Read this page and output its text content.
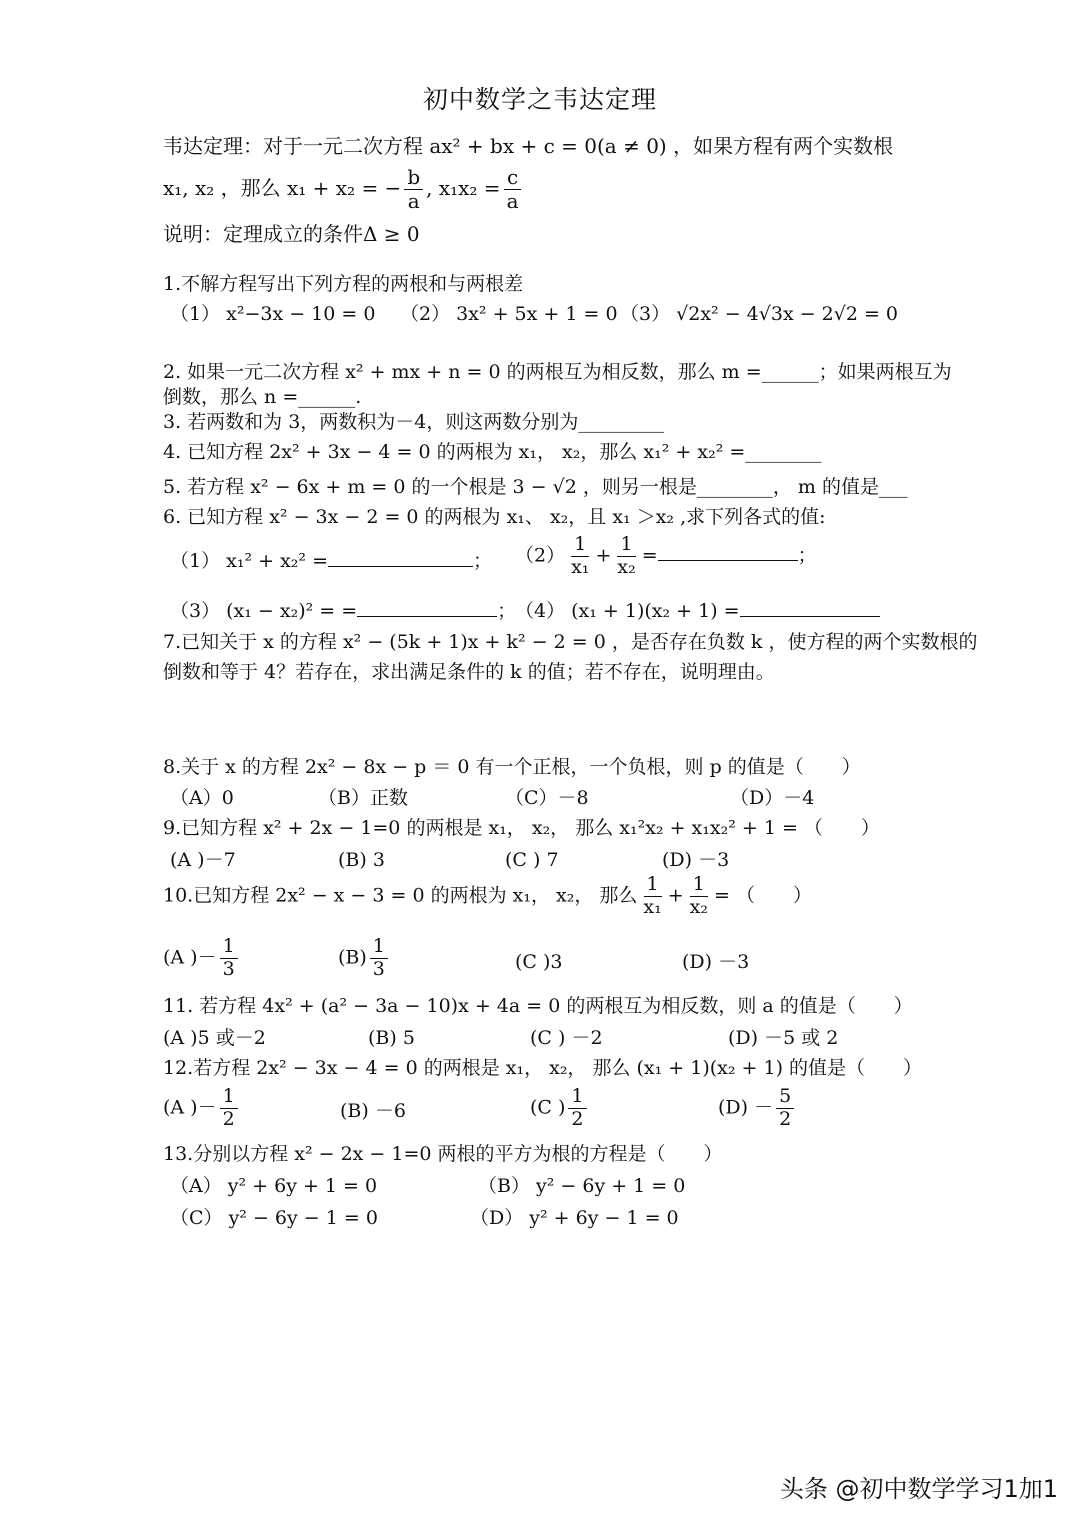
初中数学之韦达定理
韦达定理：对于一元二次方程 ax² + bx + c = 0(a ≠ 0) ，如果方程有两个实数根
x₁, x₂ ，那么 x₁ + x₂ = − $\frac{b}{a}$ , $x_1x_2 = \frac{c}{a}$
说明：定理成立的条件Δ ≥ 0
1.不解方程写出下列方程的两根和与两根差
（1） x²−3x − 10 = 0 （2） 3x² + 5x + 1 = 0 （3） √2x² − 4√3x − 2√2 = 0
2. 如果一元二次方程 x² + mx + n = 0 的两根互为相反数，那么 m =______；如果两根互为
倒数，那么 n =______.
3. 若两数和为 3，两数积为－4，则这两数分别为_________
4. 已知方程 2x² + 3x − 4 = 0 的两根为 x₁， x₂，那么 x₁² + x₂² =________
5. 若方程 x² − 6x + m = 0 的一个根是 3 − √2 ，则另一根是________， m 的值是___
6. 已知方程 x² − 3x − 2 = 0 的两根为 x₁、 x₂，且 x₁ ＞x₂ ,求下列各式的值:
（1） x₁² + x₂² =	； $(2) \frac{1}{\text{x₁}} + \frac{1}{\text{x₂}}$ =	；
（3） (x₁ − x₂)² = =	；
（4） (x₁ + 1)(x₂ + 1) =
7.已知关于 x 的方程 x² − (5k + 1)x + k² − 2 = 0 ，是否存在负数 k ，使方程的两个实数根的
倒数和等于 4？若存在，求出满足条件的 k 的值；若不存在，说明理由。
8.关于 x 的方程 2x² − 8x − p ＝ 0 有一个正根，一个负根，则 p 的值是（　　）
（A）0	（B）正数	（C）－8	（D）－4
9.已知方程 x² + 2x − 1=0 的两根是 x₁， x₂， 那么 x₁²x₂ + x₁x₂² + 1 = （　　）
(A )－7	(B) 3	(C ) 7	(D) －3
10.已知方程 2x² − x − 3 = 0 的两根为 x₁， x₂， 那么 $\frac{1}{\text{x₁}} + \frac{1}{\text{x₂}}$ = （　　）
(A )－ $\frac{1}{3}$	$(B) \frac{1}{3}$	(C )3	(D) －3
11. 若方程 4x² + (a² − 3a − 10)x + 4a = 0 的两根互为相反数，则 a 的值是（　　）
(A )5 或－2	(B) 5	(C ) －2	(D) －5 或 2
12.若方程 2x² − 3x − 4 = 0 的两根是 x₁， x₂， 那么 (x₁ + 1)(x₂ + 1) 的值是（　　）
(A )－ $\frac{1}{2}$	(B) －6	(C ) $\frac{1}{2}$	$(D) - \frac{5}{2}$
13.分别以方程 x² − 2x − 1=0 两根的平方为根的方程是（　　）
（A） y² + 6y + 1 = 0	（B） y² − 6y + 1 = 0
（C） y² − 6y − 1 = 0	（D） y² + 6y − 1 = 0
头条 @初中数学学习1加1
